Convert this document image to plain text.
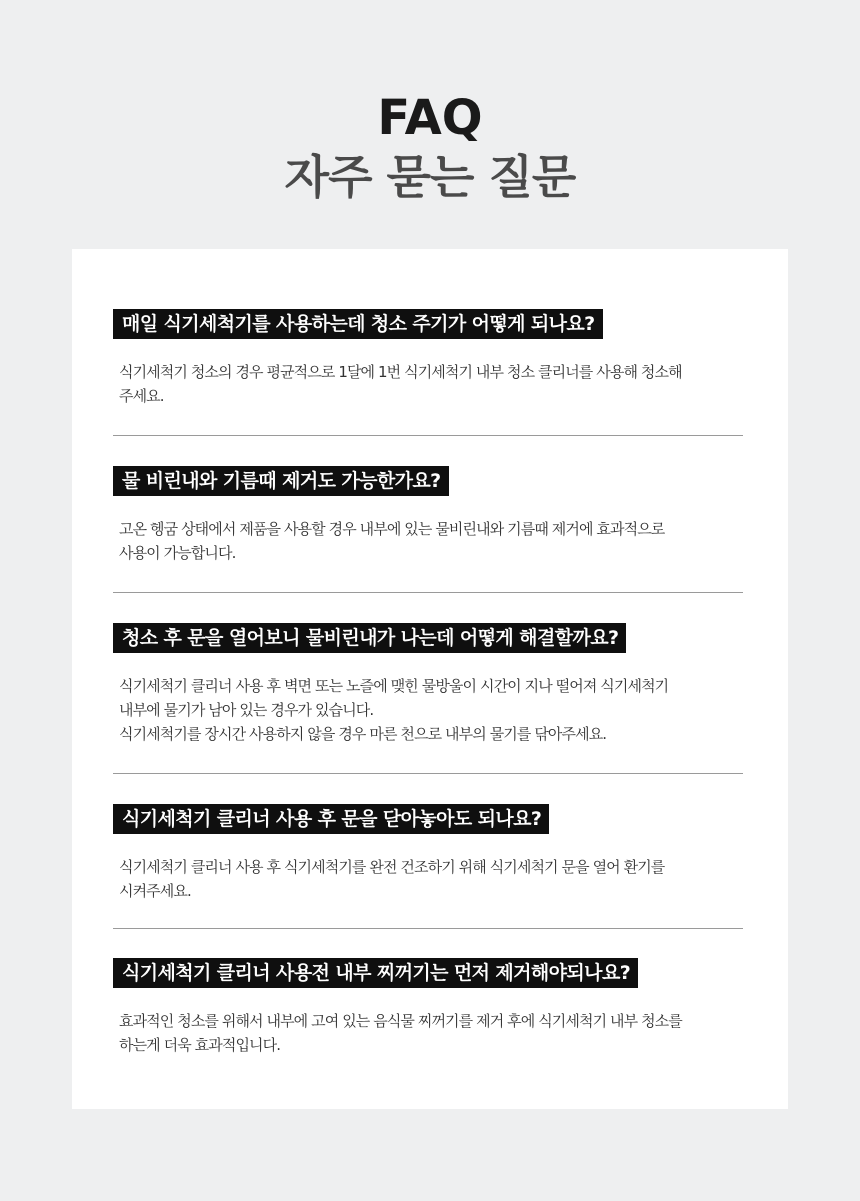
FAQ
자주 묻는 질문
매일 식기세척기를 사용하는데 청소 주기가 어떻게 되나요?
식기세척기 청소의 경우 평균적으로 1달에 1번 식기세척기 내부 청소 클리너를 사용해 청소해
주세요.
물 비린내와 기름때 제거도 가능한가요?
고온 헹굼 상태에서 제품을 사용할 경우 내부에 있는 물비린내와 기름때 제거에 효과적으로
사용이 가능합니다.
청소 후 문을 열어보니 물비린내가 나는데 어떻게 해결할까요?
식기세척기 클리너 사용 후 벽면 또는 노즐에 맺힌 물방울이 시간이 지나 떨어져 식기세척기
내부에 물기가 남아 있는 경우가 있습니다.
식기세척기를 장시간 사용하지 않을 경우 마른 천으로 내부의 물기를 닦아주세요.
식기세척기 클리너 사용 후 문을 닫아놓아도 되나요?
식기세척기 클리너 사용 후 식기세척기를 완전 건조하기 위해 식기세척기 문을 열어 환기를
시켜주세요.
식기세척기 클리너 사용전 내부 찌꺼기는 먼저 제거해야되나요?
효과적인 청소를 위해서 내부에 고여 있는 음식물 찌꺼기를 제거 후에 식기세척기 내부 청소를
하는게 더욱 효과적입니다.
